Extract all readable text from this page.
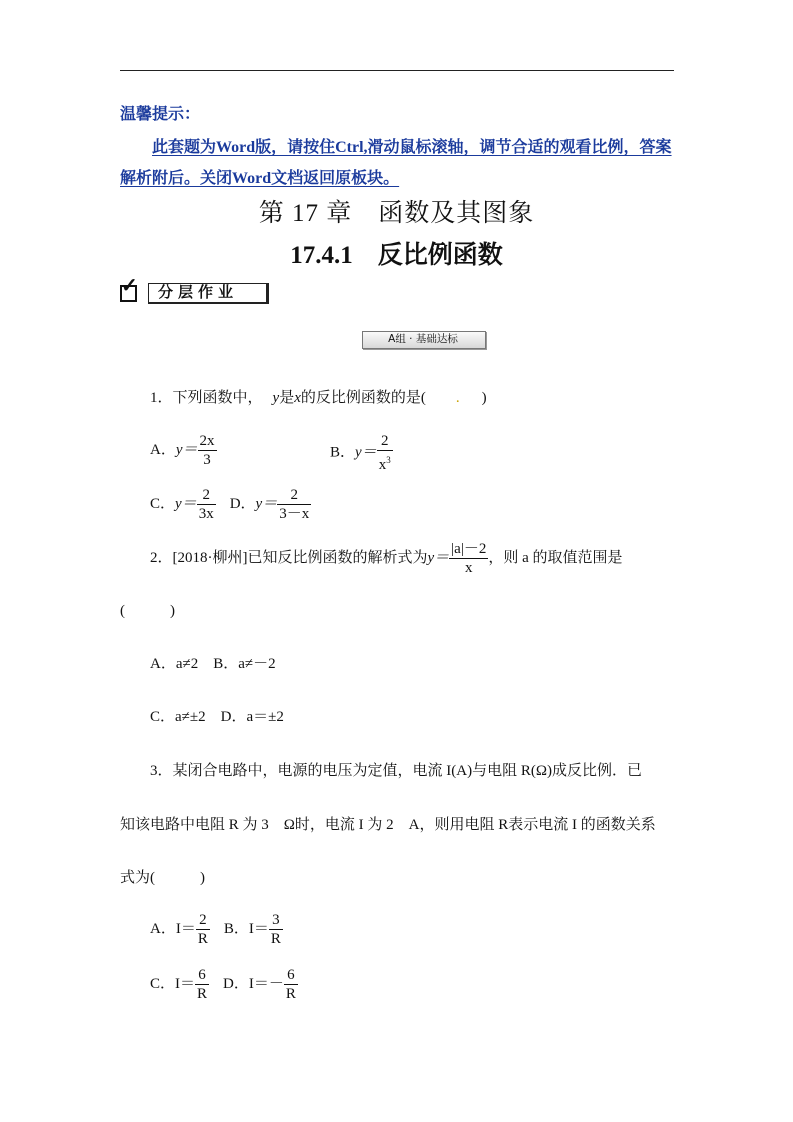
温馨提示：
此套题为Word版，请按住Ctrl,滑动鼠标滚轴，调节合适的观看比例，答案解析附后。关闭Word文档返回原板块。
第 17 章　函数及其图象
17.4.1　反比例函数
✓ 分层作业
A组 · 基础达标
1．下列函数中， y是x的反比例函数的是( . )
A．$y= \frac{2x}{3}$	B．$y= \frac{2}{x^3}$
C．$y= \frac{2}{3x}$ D．$y= \frac{2}{3-x}$
2．[2018·柳州]已知反比例函数的解析式为$y= \frac{|a|-2}{x}$ ，则 a 的取值范围是
(　　　)
A．a≠2　B．a≠－2
C．a≠±2　D．a＝±2
3．某闭合电路中，电源的电压为定值，电流 I(A)与电阻 R(Ω)成反比例．已
知该电路中电阻 R 为 3　Ω时，电流 I 为 2　A，则用电阻 R表示电流 I 的函数关系
式为(　　　)
A．$I= \frac{2}{R}$ B．$I= \frac{3}{R}$
C．$I= \frac{6}{R}$ D．$I=- \frac{6}{R}$
